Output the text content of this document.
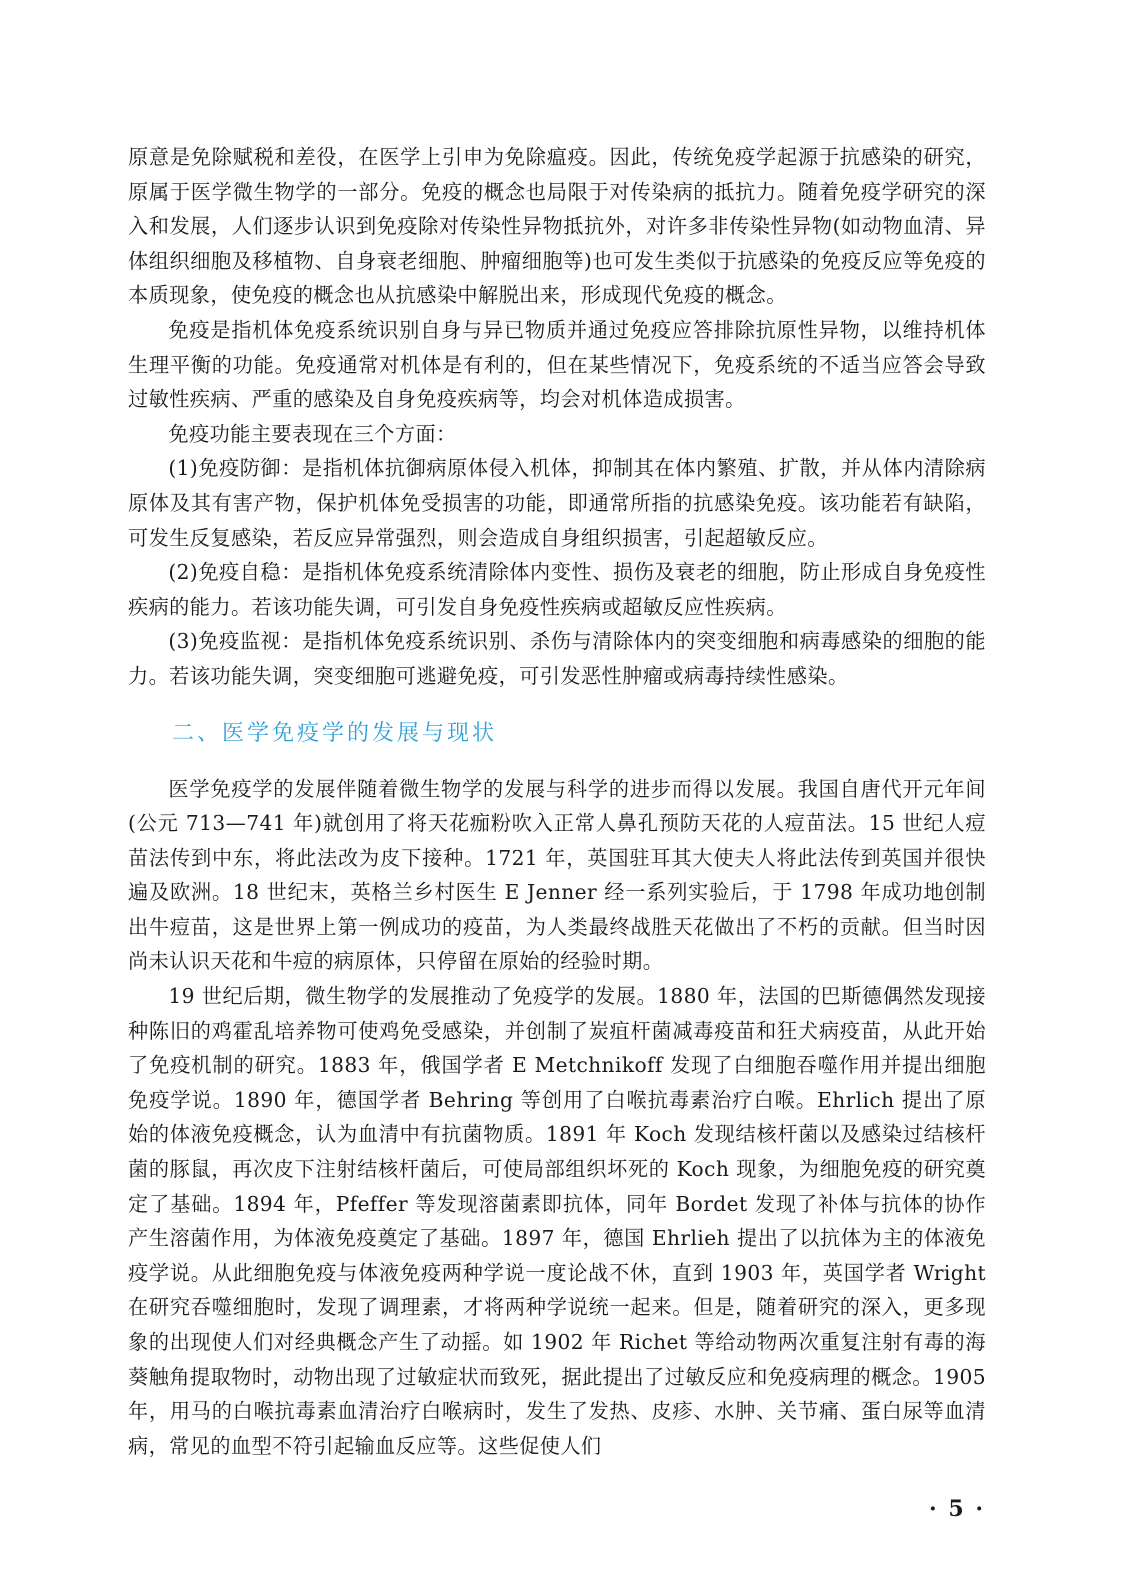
原意是免除赋税和差役，在医学上引申为免除瘟疫。因此，传统免疫学起源于抗感染的研究，原属于医学微生物学的一部分。免疫的概念也局限于对传染病的抵抗力。随着免疫学研究的深入和发展，人们逐步认识到免疫除对传染性异物抵抗外，对许多非传染性异物(如动物血清、异体组织细胞及移植物、自身衰老细胞、肿瘤细胞等)也可发生类似于抗感染的免疫反应等免疫的本质现象，使免疫的概念也从抗感染中解脱出来，形成现代免疫的概念。

免疫是指机体免疫系统识别自身与异已物质并通过免疫应答排除抗原性异物，以维持机体生理平衡的功能。免疫通常对机体是有利的，但在某些情况下，免疫系统的不适当应答会导致过敏性疾病、严重的感染及自身免疫疾病等，均会对机体造成损害。

免疫功能主要表现在三个方面：

(1)免疫防御：是指机体抗御病原体侵入机体，抑制其在体内繁殖、扩散，并从体内清除病原体及其有害产物，保护机体免受损害的功能，即通常所指的抗感染免疫。该功能若有缺陷，可发生反复感染，若反应异常强烈，则会造成自身组织损害，引起超敏反应。

(2)免疫自稳：是指机体免疫系统清除体内变性、损伤及衰老的细胞，防止形成自身免疫性疾病的能力。若该功能失调，可引发自身免疫性疾病或超敏反应性疾病。

(3)免疫监视：是指机体免疫系统识别、杀伤与清除体内的突变细胞和病毒感染的细胞的能力。若该功能失调，突变细胞可逃避免疫，可引发恶性肿瘤或病毒持续性感染。

二、医学免疫学的发展与现状

医学免疫学的发展伴随着微生物学的发展与科学的进步而得以发展。我国自唐代开元年间(公元 713—741 年)就创用了将天花痂粉吹入正常人鼻孔预防天花的人痘苗法。15 世纪人痘苗法传到中东，将此法改为皮下接种。1721 年，英国驻耳其大使夫人将此法传到英国并很快遍及欧洲。18 世纪末，英格兰乡村医生 E Jenner 经一系列实验后，于 1798 年成功地创制出牛痘苗，这是世界上第一例成功的疫苗，为人类最终战胜天花做出了不朽的贡献。但当时因尚未认识天花和牛痘的病原体，只停留在原始的经验时期。

19 世纪后期，微生物学的发展推动了免疫学的发展。1880 年，法国的巴斯德偶然发现接种陈旧的鸡霍乱培养物可使鸡免受感染，并创制了炭疽杆菌减毒疫苗和狂犬病疫苗，从此开始了免疫机制的研究。1883 年，俄国学者 E Metchnikoff 发现了白细胞吞噬作用并提出细胞免疫学说。1890 年，德国学者 Behring 等创用了白喉抗毒素治疗白喉。Ehrlich 提出了原始的体液免疫概念，认为血清中有抗菌物质。1891 年 Koch 发现结核杆菌以及感染过结核杆菌的豚鼠，再次皮下注射结核杆菌后，可使局部组织坏死的 Koch 现象，为细胞免疫的研究奠定了基础。1894 年，Pfeffer 等发现溶菌素即抗体，同年 Bordet 发现了补体与抗体的协作产生溶菌作用，为体液免疫奠定了基础。1897 年，德国 Ehrlieh 提出了以抗体为主的体液免疫学说。从此细胞免疫与体液免疫两种学说一度论战不休，直到 1903 年，英国学者 Wright 在研究吞噬细胞时，发现了调理素，才将两种学说统一起来。但是，随着研究的深入，更多现象的出现使人们对经典概念产生了动摇。如 1902 年 Richet 等给动物两次重复注射有毒的海葵触角提取物时，动物出现了过敏症状而致死，据此提出了过敏反应和免疫病理的概念。1905 年，用马的白喉抗毒素血清治疗白喉病时，发生了发热、皮疹、水肿、关节痛、蛋白尿等血清病，常见的血型不符引起输血反应等。这些促使人们

· 5 ·
